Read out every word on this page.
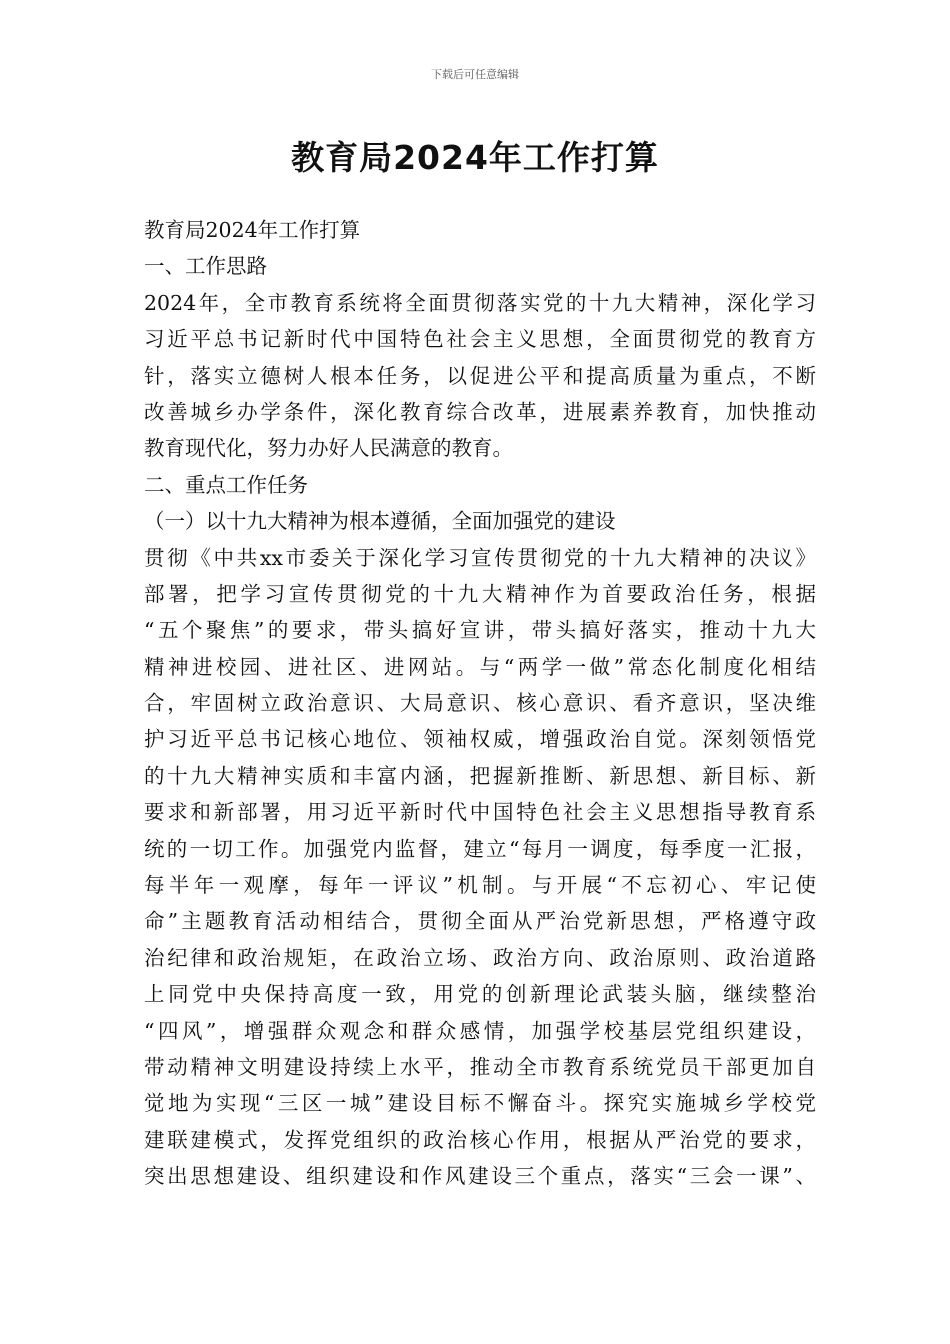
下载后可任意编辑
教育局2024年工作打算
教育局2024年工作打算
一、工作思路
2024年，全市教育系统将全面贯彻落实党的十九大精神，深化学习
习近平总书记新时代中国特色社会主义思想，全面贯彻党的教育方
针，落实立德树人根本任务，以促进公平和提高质量为重点，不断
改善城乡办学条件，深化教育综合改革，进展素养教育，加快推动
教育现代化，努力办好人民满意的教育。
二、重点工作任务
（一）以十九大精神为根本遵循，全面加强党的建设
贯彻《中共xx市委关于深化学习宣传贯彻党的十九大精神的决议》
部署，把学习宣传贯彻党的十九大精神作为首要政治任务，根据
“五个聚焦”的要求，带头搞好宣讲，带头搞好落实，推动十九大
精神进校园、进社区、进网站。与“两学一做”常态化制度化相结
合，牢固树立政治意识、大局意识、核心意识、看齐意识，坚决维
护习近平总书记核心地位、领袖权威，增强政治自觉。深刻领悟党
的十九大精神实质和丰富内涵，把握新推断、新思想、新目标、新
要求和新部署，用习近平新时代中国特色社会主义思想指导教育系
统的一切工作。加强党内监督，建立“每月一调度，每季度一汇报，
每半年一观摩，每年一评议”机制。与开展“不忘初心、牢记使
命”主题教育活动相结合，贯彻全面从严治党新思想，严格遵守政
治纪律和政治规矩，在政治立场、政治方向、政治原则、政治道路
上同党中央保持高度一致，用党的创新理论武装头脑，继续整治
“四风”，增强群众观念和群众感情，加强学校基层党组织建设，
带动精神文明建设持续上水平，推动全市教育系统党员干部更加自
觉地为实现“三区一城”建设目标不懈奋斗。探究实施城乡学校党
建联建模式，发挥党组织的政治核心作用，根据从严治党的要求，
突出思想建设、组织建设和作风建设三个重点，落实“三会一课”、
